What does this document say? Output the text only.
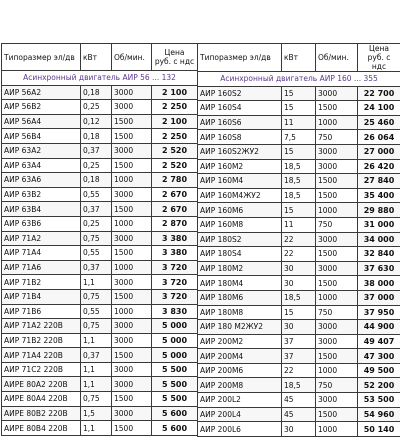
Типоразмер эл/дв	кВт	Об/мин.	Цена
руб. с ндс
Асинхронный двигатель АИР 56 ... 132			
АИР 56А2	0,18	3000	2 100
АИР 56В2	0,25	3000	2 250
АИР 56А4	0,12	1500	2 100
АИР 56В4	0,18	1500	2 250
АИР 63А2	0,37	3000	2 520
АИР 63А4	0,25	1500	2 520
АИР 63А6	0,18	1000	2 780
АИР 63В2	0,55	3000	2 670
АИР 63В4	0,37	1500	2 670
АИР 63В6	0,25	1000	2 870
АИР 71А2	0,75	3000	3 380
АИР 71А4	0,55	1500	3 380
АИР 71А6	0,37	1000	3 720
АИР 71В2	1,1	3000	3 720
АИР 71В4	0,75	1500	3 720
АИР 71В6	0,55	1000	3 830
АИР 71А2 220В	0,75	3000	5 000
АИР 71В2 220В	1,1	3000	5 000
АИР 71А4 220В	0,37	1500	5 000
АИР 71С2 220В	1,1	3000	5 500
АИРЕ 80А2 220В	1,1	3000	5 500
АИРЕ 80А4 220В	0,75	1500	5 500
АИРЕ 80В2 220В	1,5	3000	5 600
АИРЕ 80В4 220В	1,1	1500	5 600
Типоразмер эл/дв	кВт	Об/мин.	Цена
руб. с ндс
Асинхронный двигатель АИР 160 ... 355			
АИР 160S2	15	3000	22 700
АИР 160S4	15	1500	24 100
АИР 160S6	11	1000	25 460
АИР 160S8	7,5	750	26 064
АИР 160S2ЖУ2	15	3000	27 000
АИР 160М2	18,5	3000	26 420
АИР 160М4	18,5	1500	27 840
АИР 160М4ЖУ2	18,5	1500	35 400
АИР 160М6	15	1000	29 880
АИР 160М8	11	750	31 000
АИР 180S2	22	3000	34 000
АИР 180S4	22	1500	32 840
АИР 180М2	30	3000	37 630
АИР 180М4	30	1500	38 000
АИР 180М6	18,5	1000	37 000
АИР 180М8	15	750	37 950
АИР 180 М2ЖУ2	30	3000	44 900
АИР 200М2	37	3000	49 407
АИР 200М4	37	1500	47 300
АИР 200М6	22	1000	49 500
АИР 200М8	18,5	750	52 200
АИР 200L2	45	3000	53 500
АИР 200L4	45	1500	54 960
АИР 200L6	30	1000	50 140
